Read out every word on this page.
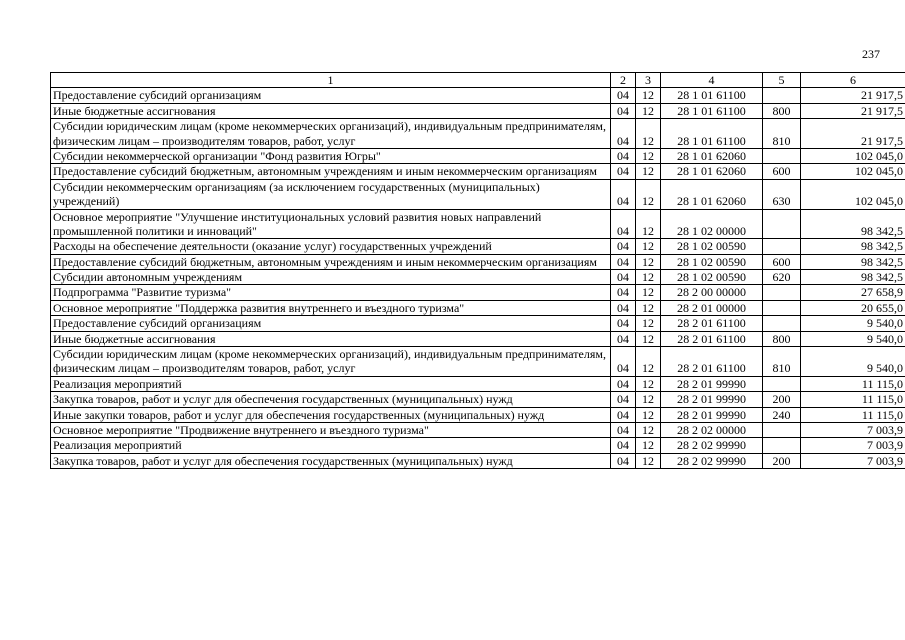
237
1	2	3	4	5	6
Предоставление субсидий организациям	04	12	28 1 01 61100		21 917,5
Иные бюджетные ассигнования	04	12	28 1 01 61100	800	21 917,5
Субсидии юридическим лицам (кроме некоммерческих организаций), индивидуальным предпринимателям, физическим лицам – производителям товаров, работ, услуг	04	12	28 1 01 61100	810	21 917,5
Субсидии некоммерческой организации "Фонд развития Югры"	04	12	28 1 01 62060		102 045,0
Предоставление субсидий бюджетным, автономным учреждениям и иным некоммерческим организациям	04	12	28 1 01 62060	600	102 045,0
Субсидии некоммерческим организациям (за исключением государственных (муниципальных) учреждений)	04	12	28 1 01 62060	630	102 045,0
Основное мероприятие "Улучшение институциональных условий развития новых направлений промышленной политики и инноваций"	04	12	28 1 02 00000		98 342,5
Расходы на обеспечение деятельности (оказание услуг) государственных учреждений	04	12	28 1 02 00590		98 342,5
Предоставление субсидий бюджетным, автономным учреждениям и иным некоммерческим организациям	04	12	28 1 02 00590	600	98 342,5
Субсидии автономным учреждениям	04	12	28 1 02 00590	620	98 342,5
Подпрограмма "Развитие туризма"	04	12	28 2 00 00000		27 658,9
Основное мероприятие "Поддержка развития внутреннего и въездного туризма"	04	12	28 2 01 00000		20 655,0
Предоставление субсидий организациям	04	12	28 2 01 61100		9 540,0
Иные бюджетные ассигнования	04	12	28 2 01 61100	800	9 540,0
Субсидии юридическим лицам (кроме некоммерческих организаций), индивидуальным предпринимателям, физическим лицам – производителям товаров, работ, услуг	04	12	28 2 01 61100	810	9 540,0
Реализация мероприятий	04	12	28 2 01 99990		11 115,0
Закупка товаров, работ и услуг для обеспечения государственных (муниципальных) нужд	04	12	28 2 01 99990	200	11 115,0
Иные закупки товаров, работ и услуг для обеспечения государственных (муниципальных) нужд	04	12	28 2 01 99990	240	11 115,0
Основное мероприятие "Продвижение внутреннего и въездного туризма"	04	12	28 2 02 00000		7 003,9
Реализация мероприятий	04	12	28 2 02 99990		7 003,9
Закупка товаров, работ и услуг для обеспечения государственных (муниципальных) нужд	04	12	28 2 02 99990	200	7 003,9
